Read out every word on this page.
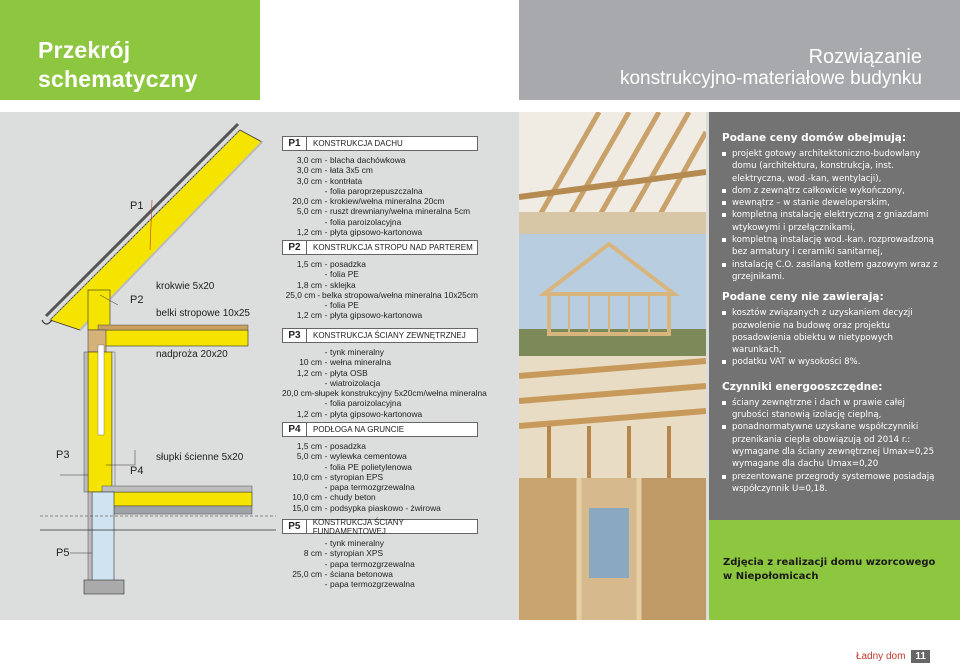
Przekrój
schematyczny
Rozwiązanie
konstrukcyjno-materiałowe budynku
P1
P2
P3
P4
P5
krokwie 5x20
belki stropowe 10x25
nadproża 20x20
słupki ścienne 5x20
P1	KONSTRUKCJA DACHU
3,0 cm - blacha dachówkowa
3,0 cm - łata 3x5 cm
3,0 cm - kontrłata
- folia paroprzepuszczalna
20,0 cm - krokiew/wełna mineralna 20cm
5,0 cm - ruszt drewniany/wełna mineralna 5cm
- folia paroizolacyjna
1,2 cm - płyta gipsowo-kartonowa
P2	KONSTRUKCJA STROPU NAD PARTEREM
1,5 cm - posadzka
- folia PE
1,8 cm - sklejka
25,0 cm - belka stropowa/wełna mineralna 10x25cm
- folia PE
1,2 cm - płyta gipsowo-kartonowa
P3	KONSTRUKCJA ŚCIANY ZEWNĘTRZNEJ
- tynk mineralny
10 cm - wełna mineralna
1,2 cm - płyta OSB
- wiatroizolacja
20,0 cm - słupek konstrukcyjny 5x20cm/wełna mineralna
- folia paroizolacyjna
1,2 cm - płyta gipsowo-kartonowa
P4	PODŁOGA NA GRUNCIE
1,5 cm - posadzka
5,0 cm - wylewka cementowa
- folia PE polietylenowa
10,0 cm - styropian EPS
- papa termozgrzewalna
10,0 cm - chudy beton
15,0 cm - podsypka piaskowo - żwirowa
P5	KONSTRUKCJA ŚCIANY FUNDAMENTOWEJ
- tynk mineralny
8 cm - styropian XPS
- papa termozgrzewalna
25,0 cm - ściana betonowa
- papa termozgrzewalna
Podane ceny domów obejmują:
projekt gotowy architektoniczno-budowlany domu (architektura, konstrukcja, inst. elektryczna, wod.-kan, wentylacji),
dom z zewnątrz całkowicie wykończony,
wewnątrz – w stanie deweloperskim,
kompletną instalację elektryczną z gniazdami wtykowymi i przełącznikami,
kompletną instalację wod.-kan. rozprowadzoną bez armatury i ceramiki sanitarnej,
instalację C.O. zasilaną kotłem gazowym wraz z grzejnikami.
Podane ceny nie zawierają:
kosztów związanych z uzyskaniem decyzji pozwolenie na budowę oraz projektu posadowienia obiektu w nietypowych warunkach,
podatku VAT w wysokości 8%.
Czynniki energooszczędne:
ściany zewnętrzne i dach w prawie całej grubości stanowią izolację cieplną,
ponadnormatywne uzyskane współczynniki przenikania ciepła obowiązują od 2014 r.: wymagane dla ściany zewnętrznej Umax=0,25 wymagane dla dachu Umax=0,20
prezentowane przegrody systemowe posiadają współczynnik U=0,18.
Zdjęcia z realizacji domu wzorcowego w Niepołomicach
Ładny dom	11
